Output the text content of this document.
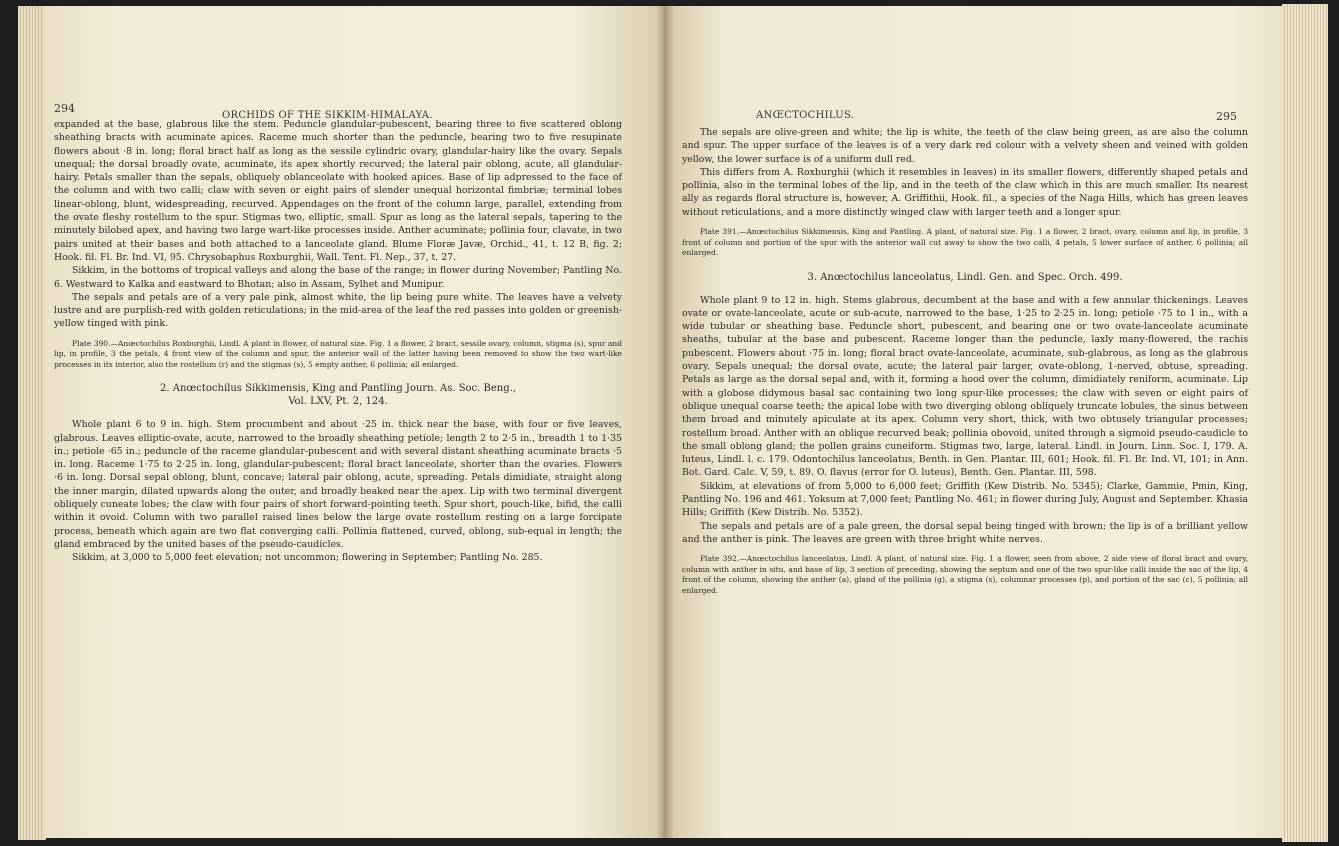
294
ORCHIDS OF THE SIKKIM-HIMALAYA.

expanded at the base, glabrous like the stem. Peduncle glandular-pubescent, bearing three to five scattered oblong sheathing bracts with acuminate apices. Raceme much shorter than the peduncle, bearing two to five resupinate flowers about ·8 in. long; floral bract half as long as the sessile cylindric ovary, glandular-hairy like the ovary. Sepals unequal; the dorsal broadly ovate, acuminate, its apex shortly recurved; the lateral pair oblong, acute, all glandular-hairy. Petals smaller than the sepals, obliquely oblanceolate with hooked apices. Base of lip adpressed to the face of the column and with two calli; claw with seven or eight pairs of slender unequal horizontal fimbriæ; terminal lobes linear-oblong, blunt, widespreading, recurved. Appendages on the front of the column large, parallel, extending from the ovate fleshy rostellum to the spur. Stigmas two, elliptic, small. Spur as long as the lateral sepals, tapering to the minutely bilobed apex, and having two large wart-like processes inside. Anther acuminate; pollinia four, clavate, in two pairs united at their bases and both attached to a lanceolate gland. Blume Floræ Javæ, Orchid., 41, t. 12 B, fig. 2; Hook. fil. Fl. Br. Ind. VI, 95. Chrysobaphus Roxburghii, Wall. Tent. Fl. Nep., 37, t. 27.

Sikkim, in the bottoms of tropical valleys and along the base of the range; in flower during November; Pantling No. 6. Westward to Kalka and eastward to Bhotan; also in Assam, Sylhet and Munipur.

The sepals and petals are of a very pale pink, almost white, the lip being pure white. The leaves have a velvety lustre and are purplish-red with golden reticulations; in the mid-area of the leaf the red passes into golden or greenish-yellow tinged with pink.

Plate 390.—Anœctochilus Roxburghii, Lindl. A plant in flower, of natural size. Fig. 1 a flower, 2 bract, sessile ovary, column, stigma (s), spur and lip, in profile, 3 the petals, 4 front view of the column and spur, the anterior wall of the latter having been removed to show the two wart-like processes in its interior, also the rostellum (r) and the stigmas (s), 5 empty anther, 6 pollinia; all enlarged.

2. Anœctochilus Sikkimensis, King and Pantling Journ. As. Soc. Beng.,
Vol. LXV, Pt. 2, 124.

Whole plant 6 to 9 in. high. Stem procumbent and about ·25 in. thick near the base, with four or five leaves, glabrous. Leaves elliptic-ovate, acute, narrowed to the broadly sheathing petiole; length 2 to 2·5 in., breadth 1 to 1·35 in.; petiole ·65 in.; peduncle of the raceme glandular-pubescent and with several distant sheathing acuminate bracts ·5 in. long. Raceme 1·75 to 2·25 in. long, glandular-pubescent; floral bract lanceolate, shorter than the ovaries. Flowers ·6 in. long. Dorsal sepal oblong, blunt, concave; lateral pair oblong, acute, spreading. Petals dimidiate, straight along the inner margin, dilated upwards along the outer, and broadly beaked near the apex. Lip with two terminal divergent obliquely cuneate lobes; the claw with four pairs of short forward-pointing teeth. Spur short, pouch-like, bifid, the calli within it ovoid. Column with two parallel raised lines below the large ovate rostellum resting on a large forcipate process, beneath which again are two flat converging calli. Pollinia flattened, curved, oblong, sub-equal in length; the gland embraced by the united bases of the pseudo-caudicles.

Sikkim, at 3,000 to 5,000 feet elevation; not uncommon; flowering in September; Pantling No. 285.

ANŒCTOCHILUS.	295

The sepals are olive-green and white; the lip is white, the teeth of the claw being green, as are also the column and spur. The upper surface of the leaves is of a very dark red colour with a velvety sheen and veined with golden yellow, the lower surface is of a uniform dull red.

This differs from A. Roxburghii (which it resembles in leaves) in its smaller flowers, differently shaped petals and pollinia, also in the terminal lobes of the lip, and in the teeth of the claw which in this are much smaller. Its nearest ally as regards floral structure is, however, A. Griffithii, Hook. fil., a species of the Naga Hills, which has green leaves without reticulations, and a more distinctly winged claw with larger teeth and a longer spur.

Plate 391.—Anœctochilus Sikkimensis, King and Pantling. A plant, of natural size. Fig. 1 a flower, 2 bract, ovary, column and lip, in profile, 3 front of column and portion of the spur with the anterior wall cut away to show the two calli, 4 petals, 5 lower surface of anther, 6 pollinia; all enlarged.

3. Anœctochilus lanceolatus, Lindl. Gen. and Spec. Orch. 499.

Whole plant 9 to 12 in. high. Stems glabrous, decumbent at the base and with a few annular thickenings. Leaves ovate or ovate-lanceolate, acute or sub-acute, narrowed to the base, 1·25 to 2·25 in. long; petiole ·75 to 1 in., with a wide tubular or sheathing base. Peduncle short, pubescent, and bearing one or two ovate-lanceolate acuminate sheaths, tubular at the base and pubescent. Raceme longer than the peduncle, laxly many-flowered, the rachis pubescent. Flowers about ·75 in. long; floral bract ovate-lanceolate, acuminate, sub-glabrous, as long as the glabrous ovary. Sepals unequal; the dorsal ovate, acute; the lateral pair larger, ovate-oblong, 1-nerved, obtuse, spreading. Petals as large as the dorsal sepal and, with it, forming a hood over the column, dimidiately reniform, acuminate. Lip with a globose didymous basal sac containing two long spur-like processes; the claw with seven or eight pairs of oblique unequal coarse teeth; the apical lobe with two diverging oblong obliquely truncate lobules, the sinus between them broad and minutely apiculate at its apex. Column very short, thick, with two obtusely triangular processes; rostellum broad. Anther with an oblique recurved beak; pollinia obovoid, united through a sigmoid pseudo-caudicle to the small oblong gland; the pollen grains cuneiform. Stigmas two, large, lateral. Lindl. in Journ. Linn. Soc. I, 179. A. luteus, Lindl. l. c. 179. Odontochilus lanceolatus, Benth. in Gen. Plantar. III, 601; Hook. fil. Fl. Br. Ind. VI, 101; in Ann. Bot. Gard. Calc. V, 59, t. 89. O. flavus (error for O. luteus), Benth. Gen. Plantar. III, 598.

Sikkim, at elevations of from 5,000 to 6,000 feet; Griffith (Kew Distrib. No. 5345); Clarke, Gammie, Pmin, King, Pantling No. 196 and 461. Yoksum at 7,000 feet; Pantling No. 461; in flower during July, August and September. Khasia Hills; Griffith (Kew Distrib. No. 5352).

The sepals and petals are of a pale green, the dorsal sepal being tinged with brown; the lip is of a brilliant yellow and the anther is pink. The leaves are green with three bright white nerves.

Plate 392.—Anœctochilus lanceolatus, Lindl. A plant, of natural size. Fig. 1 a flower, seen from above, 2 side view of floral bract and ovary, column with anther in situ, and base of lip, 3 section of preceding, showing the septum and one of the two spur-like calli inside the sac of the lip, 4 front of the column, showing the anther (a), gland of the pollinia (g), a stigma (s), columnar processes (p), and portion of the sac (c), 5 pollinia; all enlarged.
